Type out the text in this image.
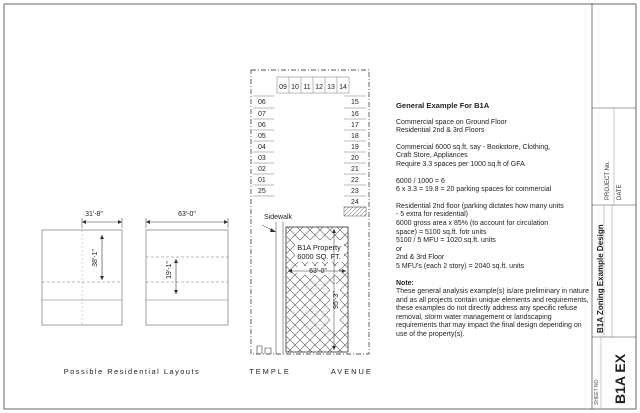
31'-8"
38'-1"
63'-0"
19'-1"
Possible Residential Layouts
09 10 11 12 13 14
06
07
06
05
04
03
02
01
25
15
16
17
18
19
20
21
22
23
24
Sidewalk
B1A Property
6000 SQ. FT.
63'-0"
95'-3"
TEMPLE          AVENUE
PROJECT No. DATE
B1A Zoning Example Design
SHEET NO. B1A EX
General Example For B1A
Commercial space on Ground Floor
Residential 2nd & 3rd Floors
Commercial 6000 sq.ft. say - Bookstore, Clothing,
Craft Store, Appliances
Require 3.3 spaces per 1000 sq.ft of GFA
6000 / 1000 = 6
6 x 3.3 = 19.8 = 20 parking spaces for commercial
Residential 2nd floor (parking dictates how many units
- 5 extra for residential)
6000 gross area x 85% (to account for circulation
space) = 5100 sq.ft. fotr units
5100 / 5 MFU = 1020 sq.ft. units
or
2nd & 3rd Floor
5 MFU's (each 2 story) = 2040 sq.ft. units
Note:
These general analysis example(s) is/are preliminary in nature and as all projects contain unique elements and requirements, these examples do not directly address any specific refuse removal, storm water management or landscaping requirements that may impact the final design depending on use of the property(s).
